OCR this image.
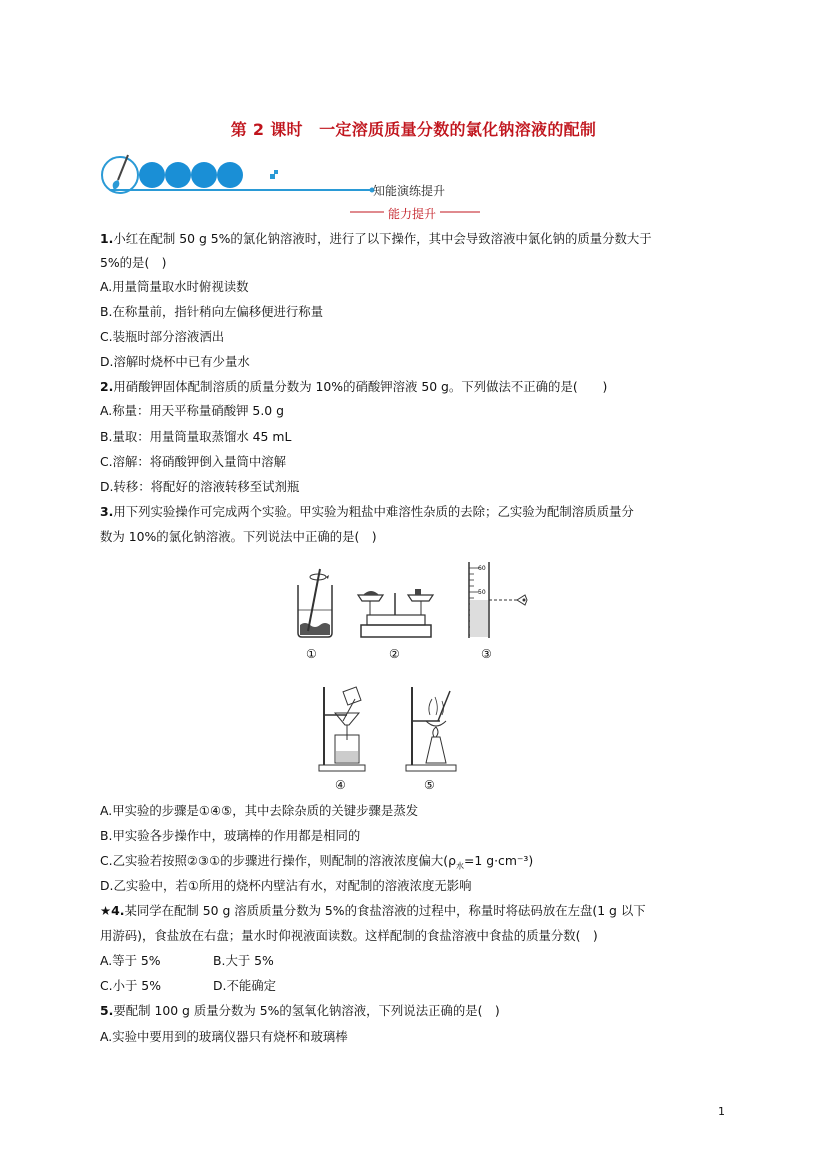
第 2 课时　一定溶质质量分数的氯化钠溶液的配制
知能演练提升
能力提升
1.小红在配制 50 g 5%的氯化钠溶液时，进行了以下操作，其中会导致溶液中氯化钠的质量分数大于
5%的是(　)
A.用量筒量取水时俯视读数
B.在称量前，指针稍向左偏移便进行称量
C.装瓶时部分溶液洒出
D.溶解时烧杯中已有少量水
2.用硝酸钾固体配制溶质的质量分数为 10%的硝酸钾溶液 50 g。下列做法不正确的是(　　)
A.称量：用天平称量硝酸钾 5.0 g
B.量取：用量筒量取蒸馏水 45 mL
C.溶解：将硝酸钾倒入量筒中溶解
D.转移：将配好的溶液转移至试剂瓶
3.用下列实验操作可完成两个实验。甲实验为粗盐中难溶性杂质的去除；乙实验为配制溶质质量分
数为 10%的氯化钠溶液。下列说法中正确的是(　)
①	②
60
50
③
④	⑤
A.甲实验的步骤是①④⑤，其中去除杂质的关键步骤是蒸发
B.甲实验各步操作中，玻璃棒的作用都是相同的
C.乙实验若按照②③①的步骤进行操作，则配制的溶液浓度偏大($\rho_水=1$ g·cm⁻³)
D.乙实验中，若①所用的烧杯内壁沾有水，对配制的溶液浓度无影响
★4.某同学在配制 50 g 溶质质量分数为 5%的食盐溶液的过程中，称量时将砝码放在左盘(1 g 以下
用游码)，食盐放在右盘；量水时仰视液面读数。这样配制的食盐溶液中食盐的质量分数(　)
A.等于 5%	B.大于 5%
C.小于 5%	D.不能确定
5.要配制 100 g 质量分数为 5%的氢氧化钠溶液，下列说法正确的是(　)
A.实验中要用到的玻璃仪器只有烧杯和玻璃棒
1
